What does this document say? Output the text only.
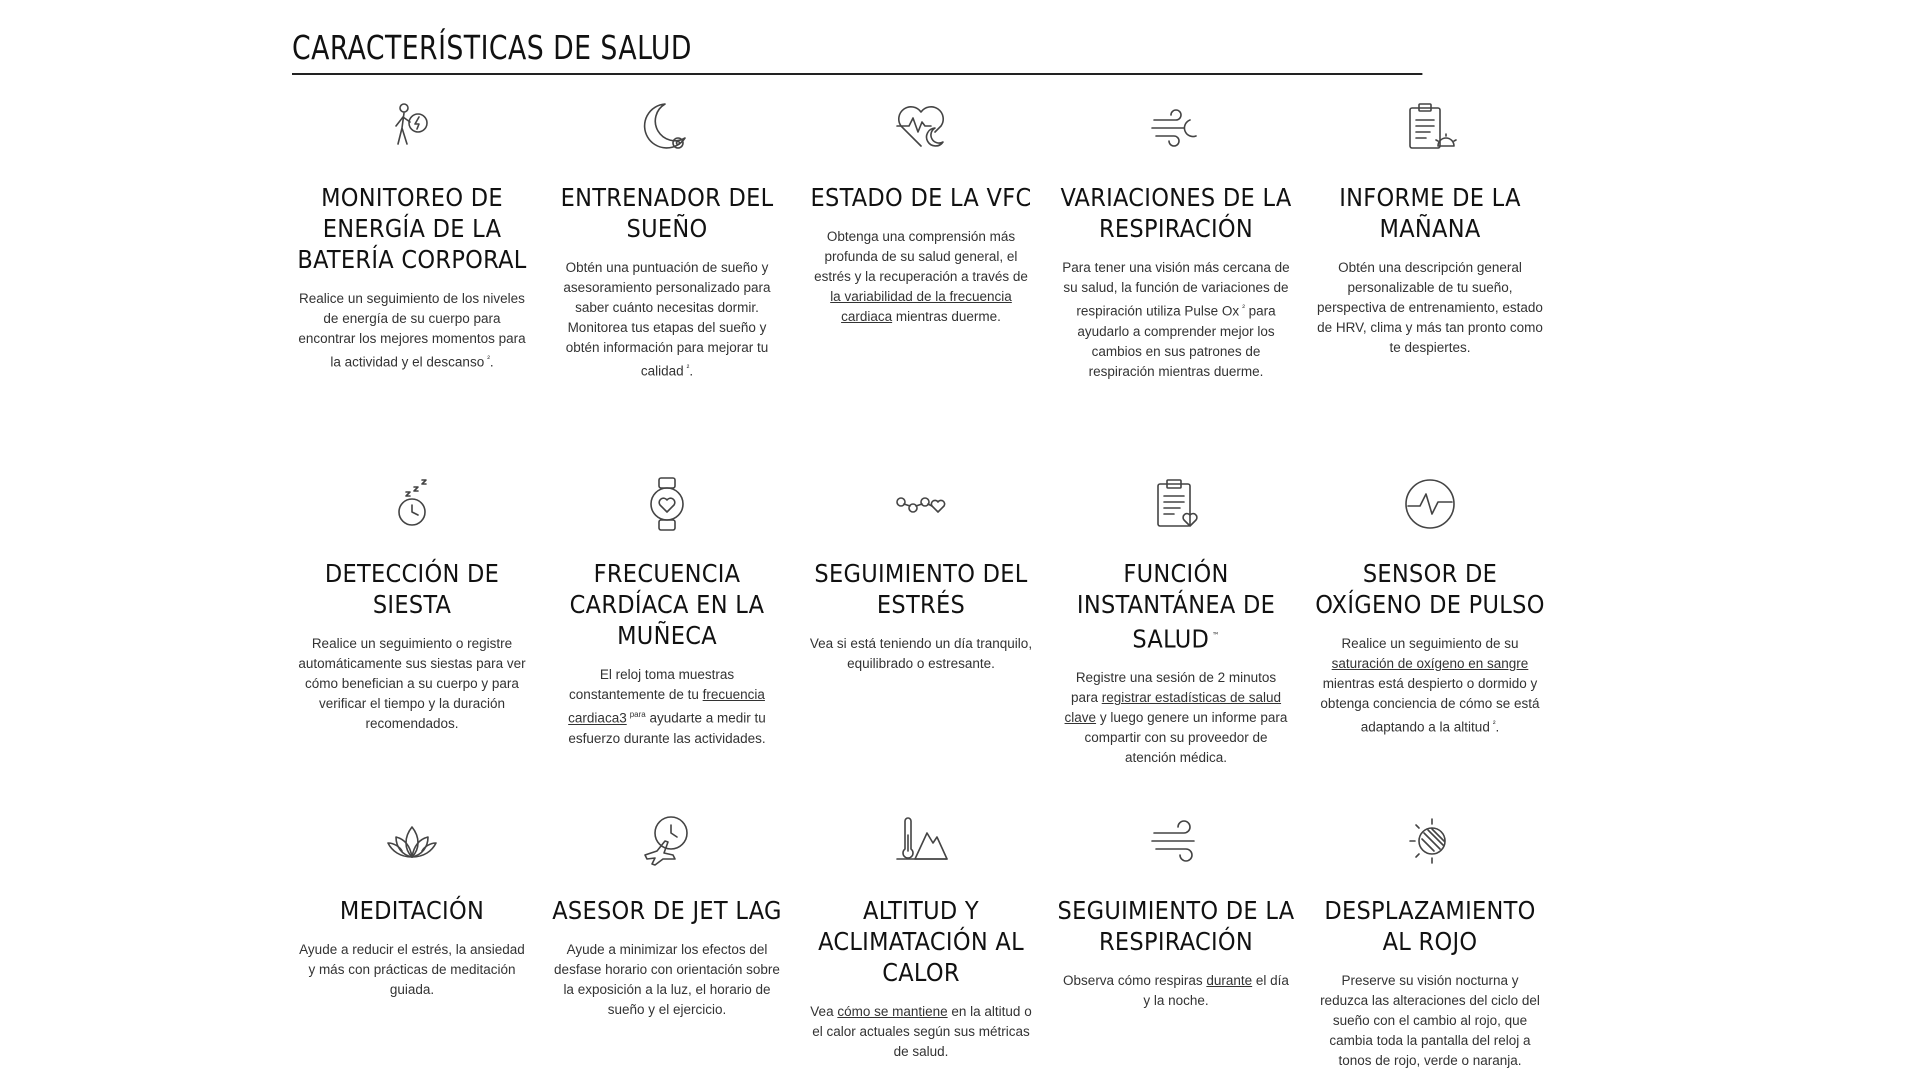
CARACTERÍSTICAS DE SALUD
MONITOREO DE ENERGÍA DE LA BATERÍA CORPORAL
Realice un seguimiento de los niveles de energía de su cuerpo para encontrar los mejores momentos para la actividad y el descanso $^{^2}$.
ENTRENADOR DEL SUEÑO
Obtén una puntuación de sueño y asesoramiento personalizado para saber cuánto necesitas dormir. Monitorea tus etapas del sueño y obtén información para mejorar tu calidad $^{^2}$.
ESTADO DE LA VFC
Obtenga una comprensión más profunda de su salud general, el estrés y la recuperación a través de la variabilidad de la frecuencia cardiaca mientras duerme.
VARIACIONES DE LA RESPIRACIÓN
Para tener una visión más cercana de su salud, la función de variaciones de respiración utiliza Pulse Ox $^{^2}$ para ayudarlo a comprender mejor los cambios en sus patrones de respiración mientras duerme.
INFORME DE LA MAÑANA
Obtén una descripción general personalizable de tu sueño, perspectiva de entrenamiento, estado de HRV, clima y más tan pronto como te despiertes.
DETECCIÓN DE SIESTA
Realice un seguimiento o registre automáticamente sus siestas para ver cómo benefician a su cuerpo y para verificar el tiempo y la duración recomendados.
FRECUENCIA CARDÍACA EN LA MUÑECA
El reloj toma muestras constantemente de tu frecuencia cardiaca3 $^{para}$ ayudarte a medir tu esfuerzo durante las actividades.
SEGUIMIENTO DEL ESTRÉS
Vea si está teniendo un día tranquilo, equilibrado o estresante.
FUNCIÓN INSTANTÁNEA DE SALUD ™
Registre una sesión de 2 minutos para registrar estadísticas de salud clave y luego genere un informe para compartir con su proveedor de atención médica.
SENSOR DE OXÍGENO DE PULSO
Realice un seguimiento de su saturación de oxígeno en sangre mientras está despierto o dormido y obtenga conciencia de cómo se está adaptando a la altitud $^{^2}$.
MEDITACIÓN
Ayude a reducir el estrés, la ansiedad y más con prácticas de meditación guiada.
ASESOR DE JET LAG
Ayude a minimizar los efectos del desfase horario con orientación sobre la exposición a la luz, el horario de sueño y el ejercicio.
ALTITUD Y ACLIMATACIÓN AL CALOR
Vea cómo se mantiene en la altitud o el calor actuales según sus métricas de salud.
SEGUIMIENTO DE LA RESPIRACIÓN
Observa cómo respiras durante el día y la noche.
DESPLAZAMIENTO AL ROJO
Preserve su visión nocturna y reduzca las alteraciones del ciclo del sueño con el cambio al rojo, que cambia toda la pantalla del reloj a tonos de rojo, verde o naranja.
